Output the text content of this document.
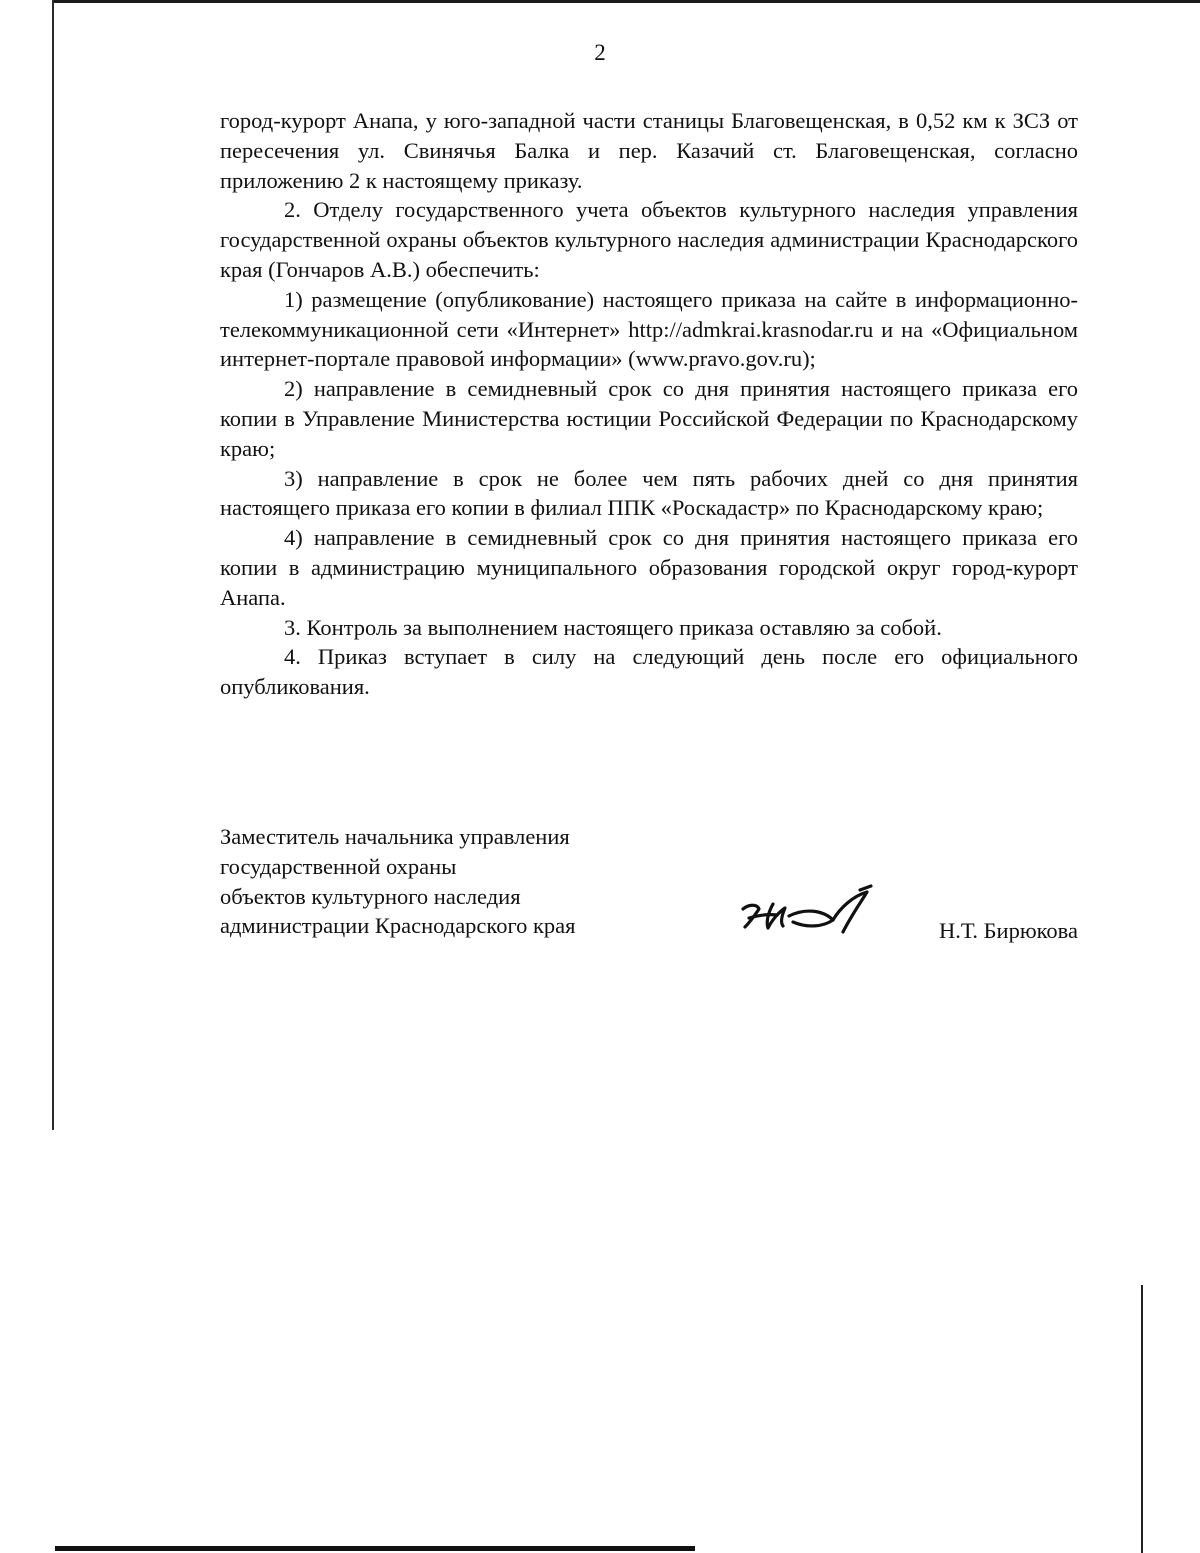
2

город-курорт Анапа, у юго-западной части станицы Благовещенская, в 0,52 км к ЗСЗ от пересечения ул. Свинячья Балка и пер. Казачий ст. Благовещенская, согласно приложению 2 к настоящему приказу.

2. Отделу государственного учета объектов культурного наследия управления государственной охраны объектов культурного наследия администрации Краснодарского края (Гончаров А.В.) обеспечить:

1) размещение (опубликование) настоящего приказа на сайте в информационно-телекоммуникационной сети «Интернет» http://admkrai.krasnodar.ru и на «Официальном интернет-портале правовой информации» (www.pravo.gov.ru);

2) направление в семидневный срок со дня принятия настоящего приказа его копии в Управление Министерства юстиции Российской Федерации по Краснодарскому краю;

3) направление в срок не более чем пять рабочих дней со дня принятия настоящего приказа его копии в филиал ППК «Роскадастр» по Краснодарскому краю;

4) направление в семидневный срок со дня принятия настоящего приказа его копии в администрацию муниципального образования городской округ город-курорт Анапа.

3. Контроль за выполнением настоящего приказа оставляю за собой.

4. Приказ вступает в силу на следующий день после его официального опубликования.

Заместитель начальника управления
государственной охраны
объектов культурного наследия
администрации Краснодарского края	Н.Т. Бирюкова
